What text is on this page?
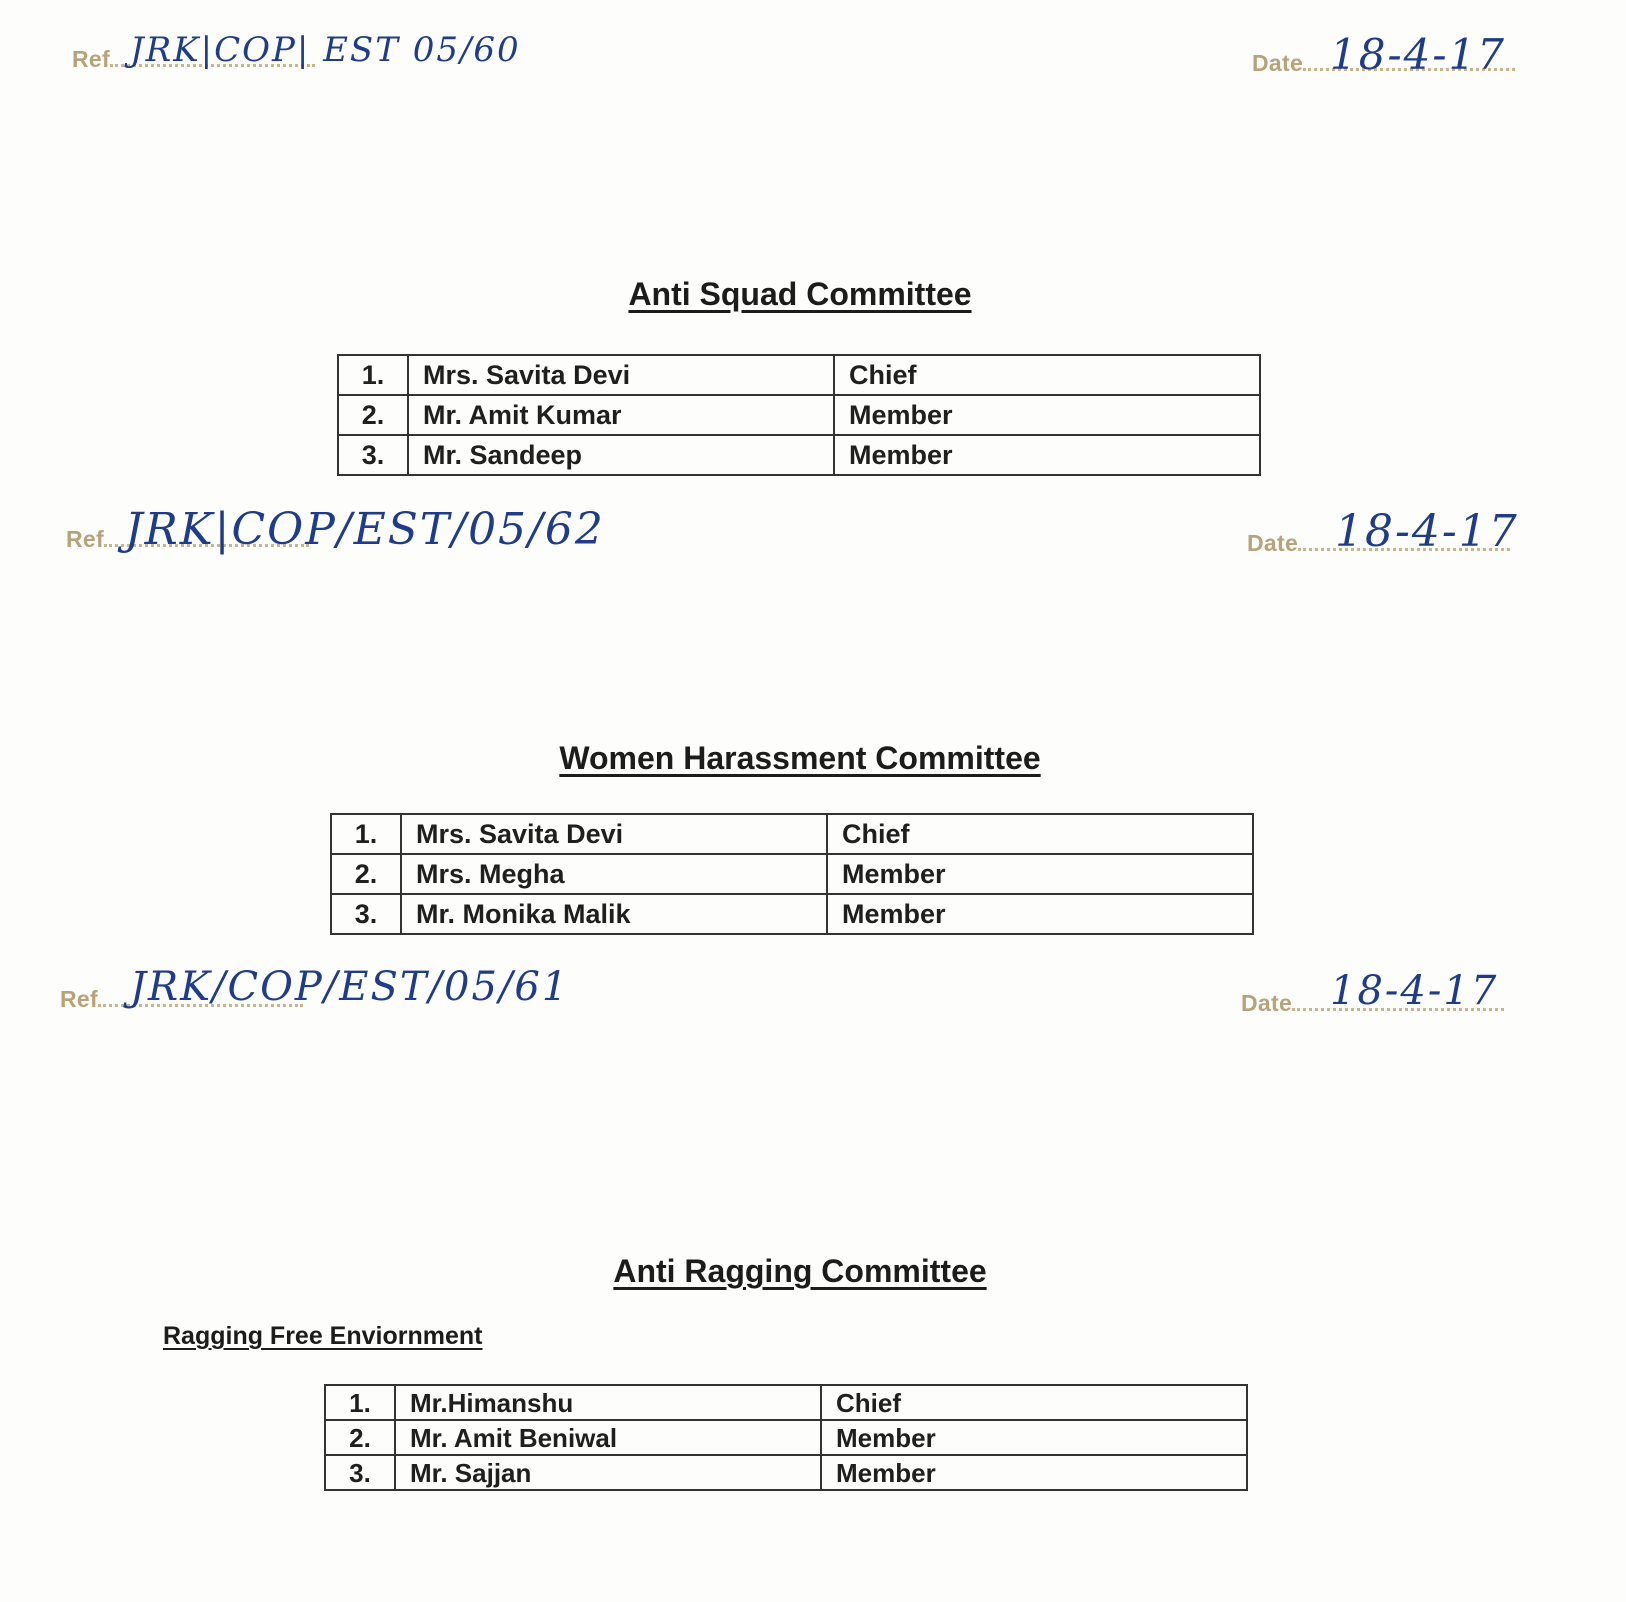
Ref JRK|COP| EST 05/60	Date 18-4-17
Anti Squad Committee
1.	Mrs. Savita Devi	Chief
2.	Mr. Amit Kumar	Member
3.	Mr. Sandeep	Member
Ref JRK|COP/EST/05/62	Date 18-4-17
Women Harassment Committee
1.	Mrs. Savita Devi	Chief
2.	Mrs. Megha	Member
3.	Mr. Monika Malik	Member
Ref JRK/COP/EST/05/61	Date 18-4-17
Anti Ragging Committee
Ragging Free Enviornment
1.	Mr.Himanshu	Chief
2.	Mr. Amit Beniwal	Member
3.	Mr. Sajjan	Member
